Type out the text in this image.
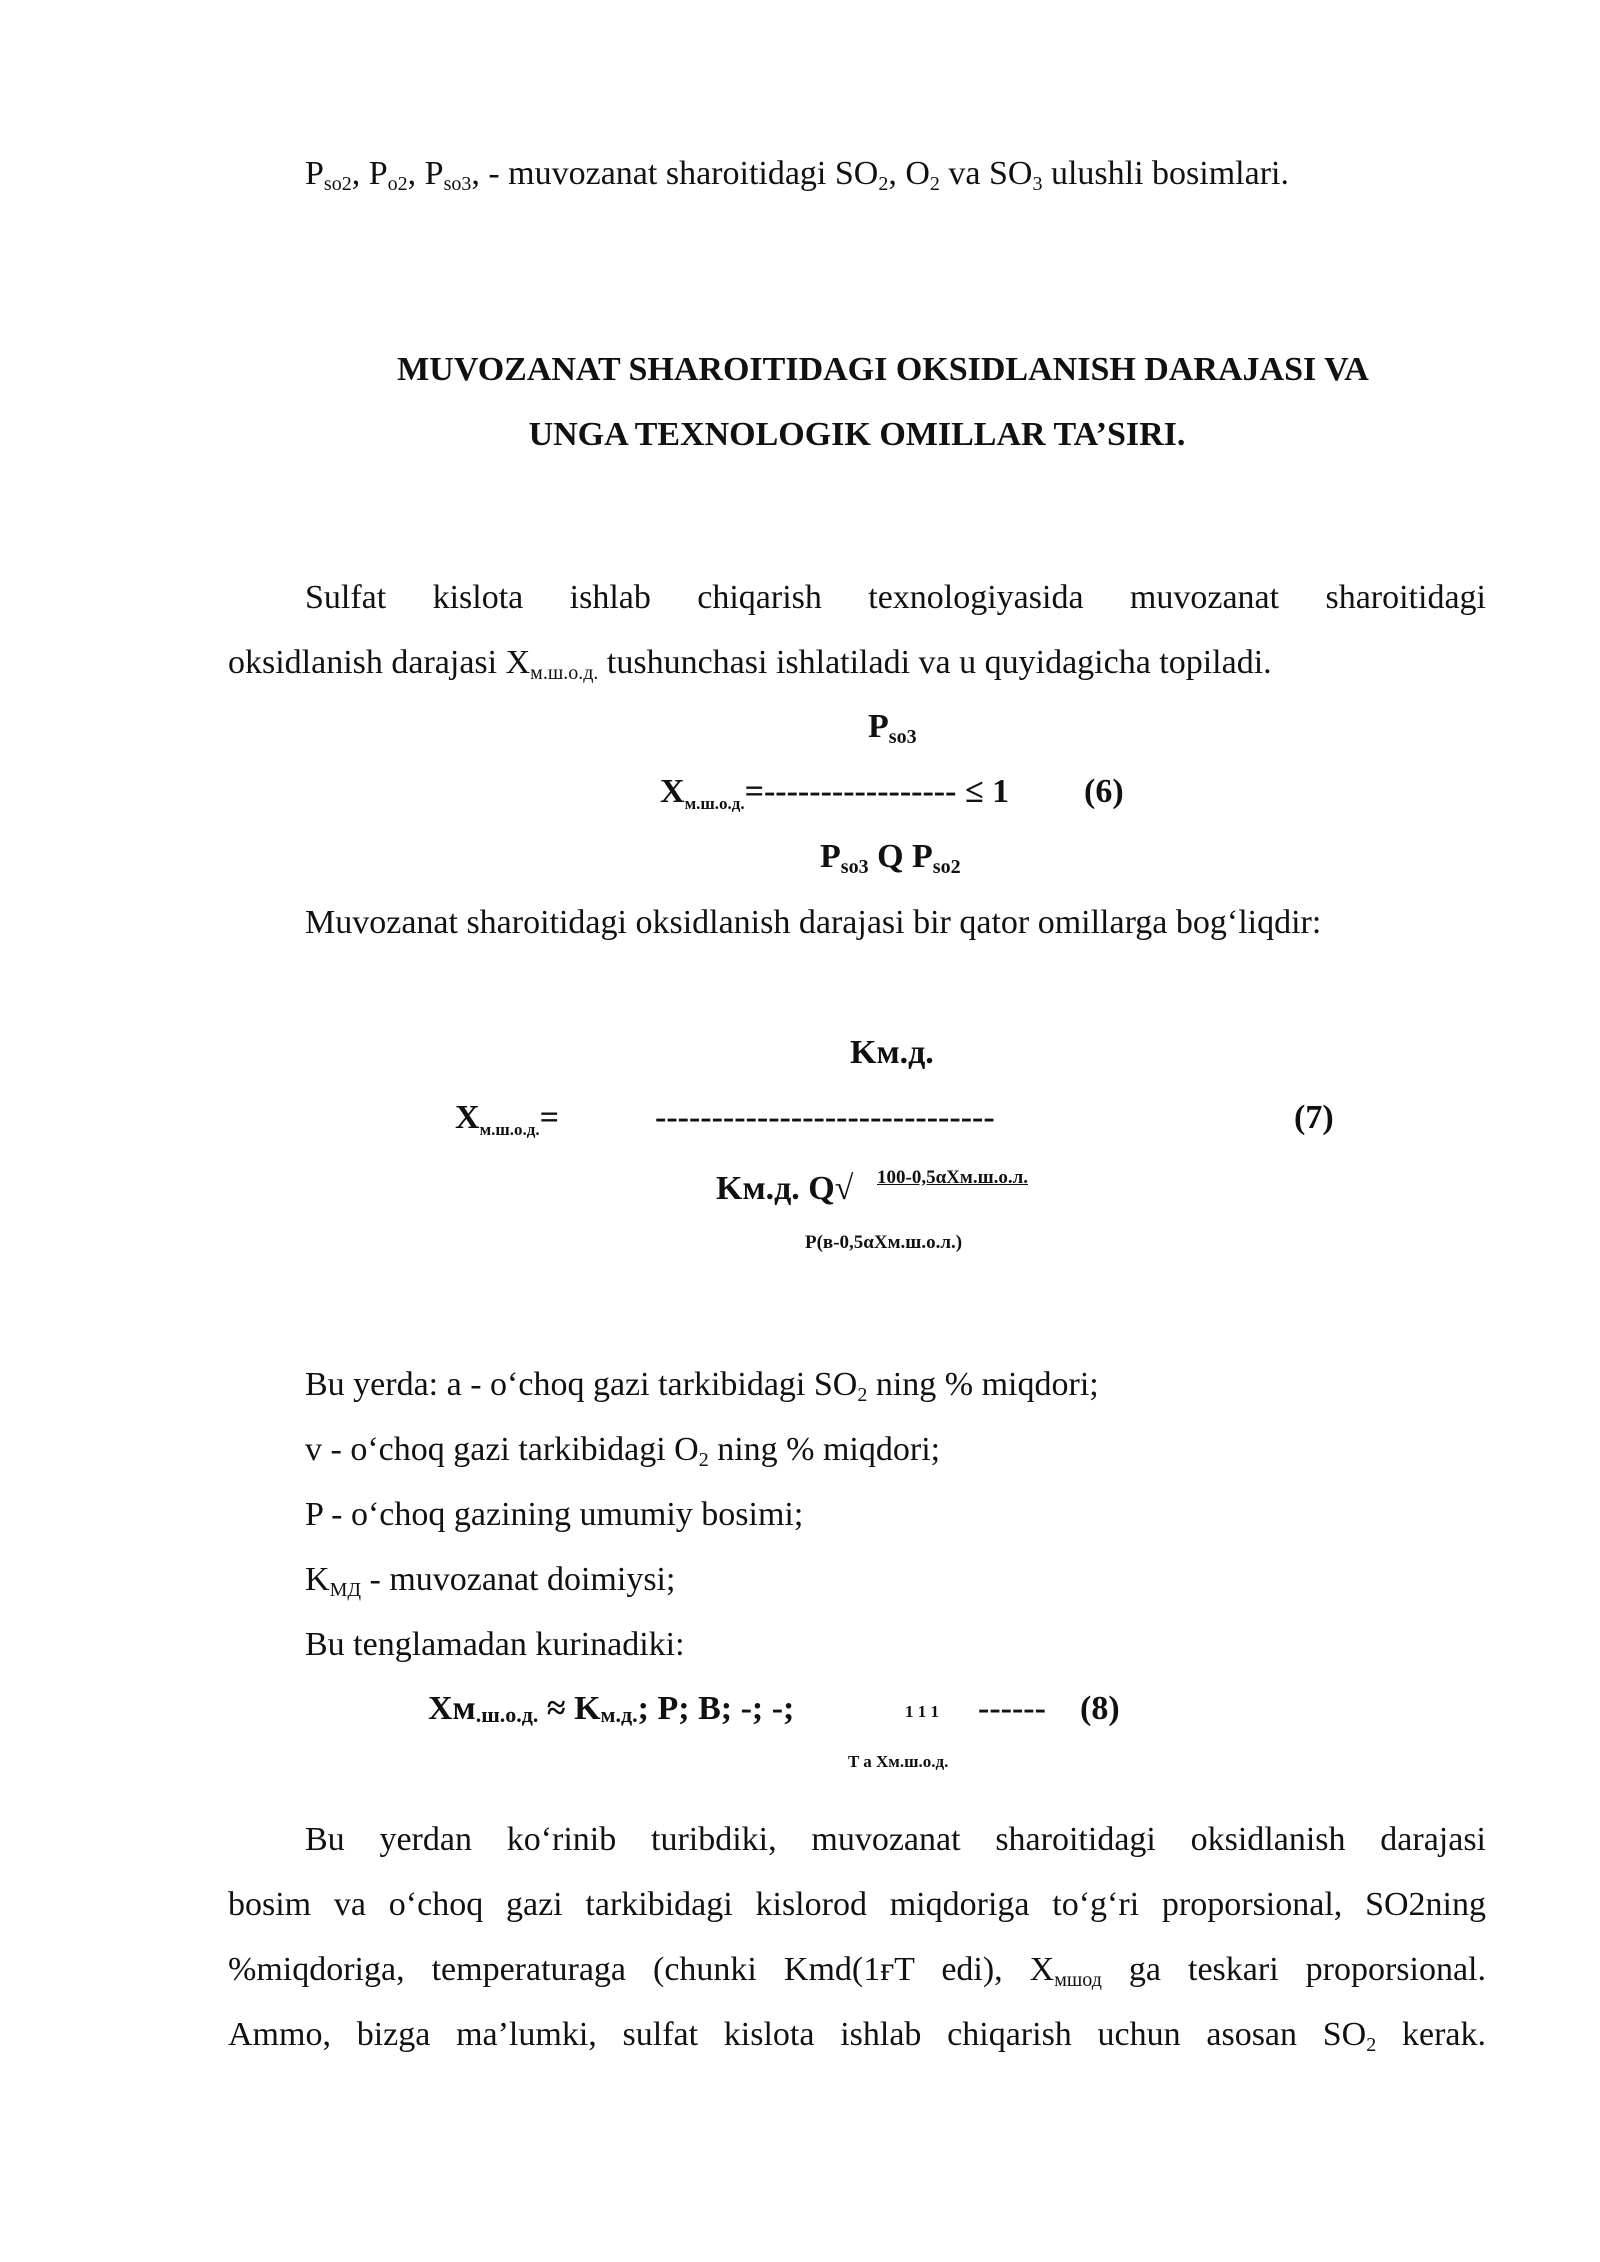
$P_{so2}$, $P_{o2}$, $P_{so3}$, - muvozanat sharoitidagi $SO_2$, $O_2$ va $SO_3$ ulushli bosimlari.
MUVOZANAT SHAROITIDAGI OKSIDLANISH DARAJASI VA
UNGA TEXNOLOGIK OMILLAR TA’SIRI.
Sulfat kislota ishlab chiqarish texnologiyasida muvozanat sharoitidagi
oksidlanish darajasi $X_{м.ш.о.д.}$ tushunchasi ishlatiladi va u quyidagicha topiladi.
$P_{so3}$
$X_{м.ш.о.д.}=----------------- \le 1$ (6)
$P_{so3}$ Q $P_{so2}$
Muvozanat sharoitidagi oksidlanish darajasi bir qator omillarga bog‘liqdir:
Kм.д.
$X_{м.ш.о.д.}=$	------------------------------	(7)
Kм.д. Q√ 100-0,5αXм.ш.о.л.
P(в-0,5αXм.ш.о.л.)
Bu yerda: a - o‘choq gazi tarkibidagi $SO_2$ ning % miqdori;
v - o‘choq gazi tarkibidagi $O_2$ ning % miqdori;
P - o‘choq gazining umumiy bosimi;
$K_{МД}$ - muvozanat doimiysi;
Bu tenglamadan kurinadiki:
Xм.ш.о.д. ≈ Kм.д.; P; B; -; -;	1 1 1 ------ (8)
T a Xм.ш.о.д.
Bu yerdan ko‘rinib turibdiki, muvozanat sharoitidagi oksidlanish darajasi
bosim va o‘choq gazi tarkibidagi kislorod miqdoriga to‘g‘ri proporsional, SO2ning
%miqdoriga, temperaturaga (chunki Kmd(1ғT edi), $X_{мшод}$ ga teskari proporsional.
Ammo, bizga ma’lumki, sulfat kislota ishlab chiqarish uchun asosan $SO_2$ kerak.
